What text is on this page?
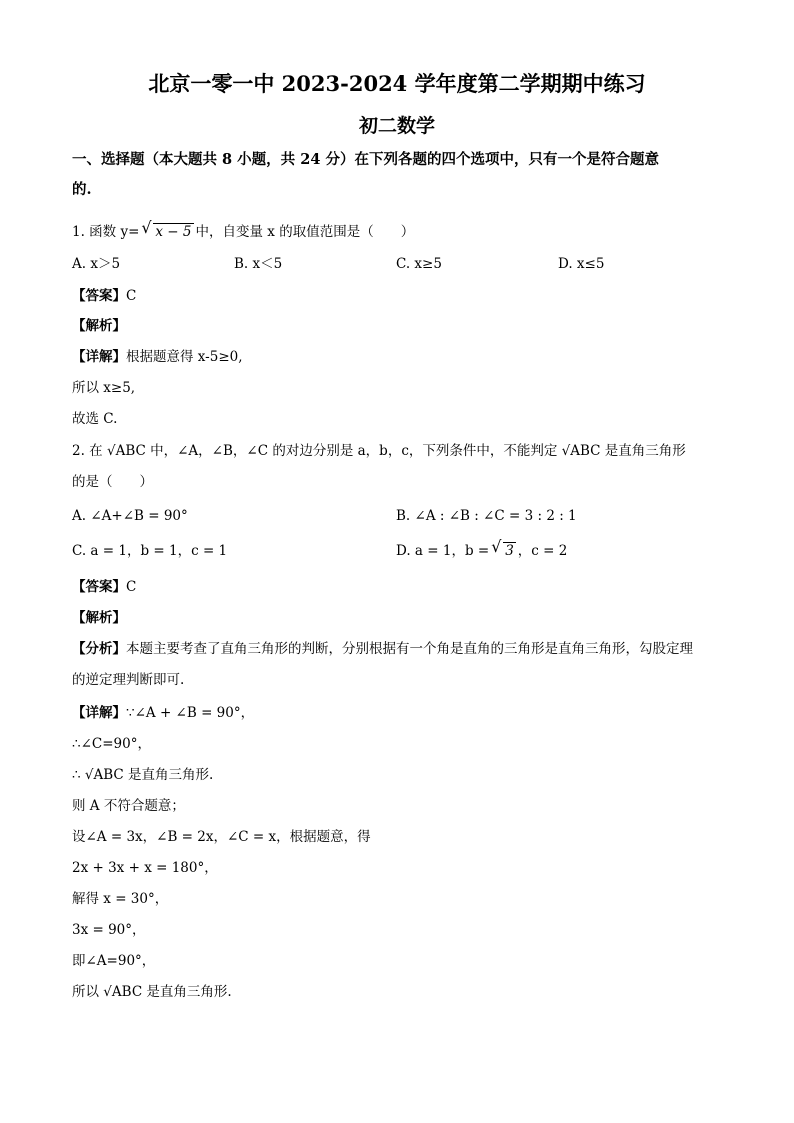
北京一零一中 2023-2024 学年度第二学期期中练习
初二数学
一、选择题（本大题共 8 小题，共 24 分）在下列各题的四个选项中，只有一个是符合题意
的.
1. 函数 y= √ x − 5 中，自变量 x 的取值范围是（　　）
A. x＞5	B. x＜5	C. x≥5	D. x≤5
【答案】C
【解析】
【详解】根据题意得 x-5≥0,
所以 x≥5,
故选 C.
2. 在 √ABC 中，∠A，∠B，∠C 的对边分别是 a，b，c，下列条件中，不能判定 √ABC 是直角三角形
的是（　　）
A. ∠A+∠B = 90°	B. ∠A : ∠B : ∠C = 3 : 2 : 1
C. a = 1，b = 1，c = 1	D. a = 1，b = √ 3 ，c = 2
【答案】C
【解析】
【分析】本题主要考查了直角三角形的判断，分别根据有一个角是直角的三角形是直角三角形，勾股定理
的逆定理判断即可.
【详解】∵∠A + ∠B = 90°，
∴∠C=90°，
∴ √ABC 是直角三角形.
则 A 不符合题意；
设∠A = 3x，∠B = 2x，∠C = x，根据题意，得
2x + 3x + x = 180°，
解得 x = 30°，
3x = 90°，
即∠A=90°，
所以 √ABC 是直角三角形.
